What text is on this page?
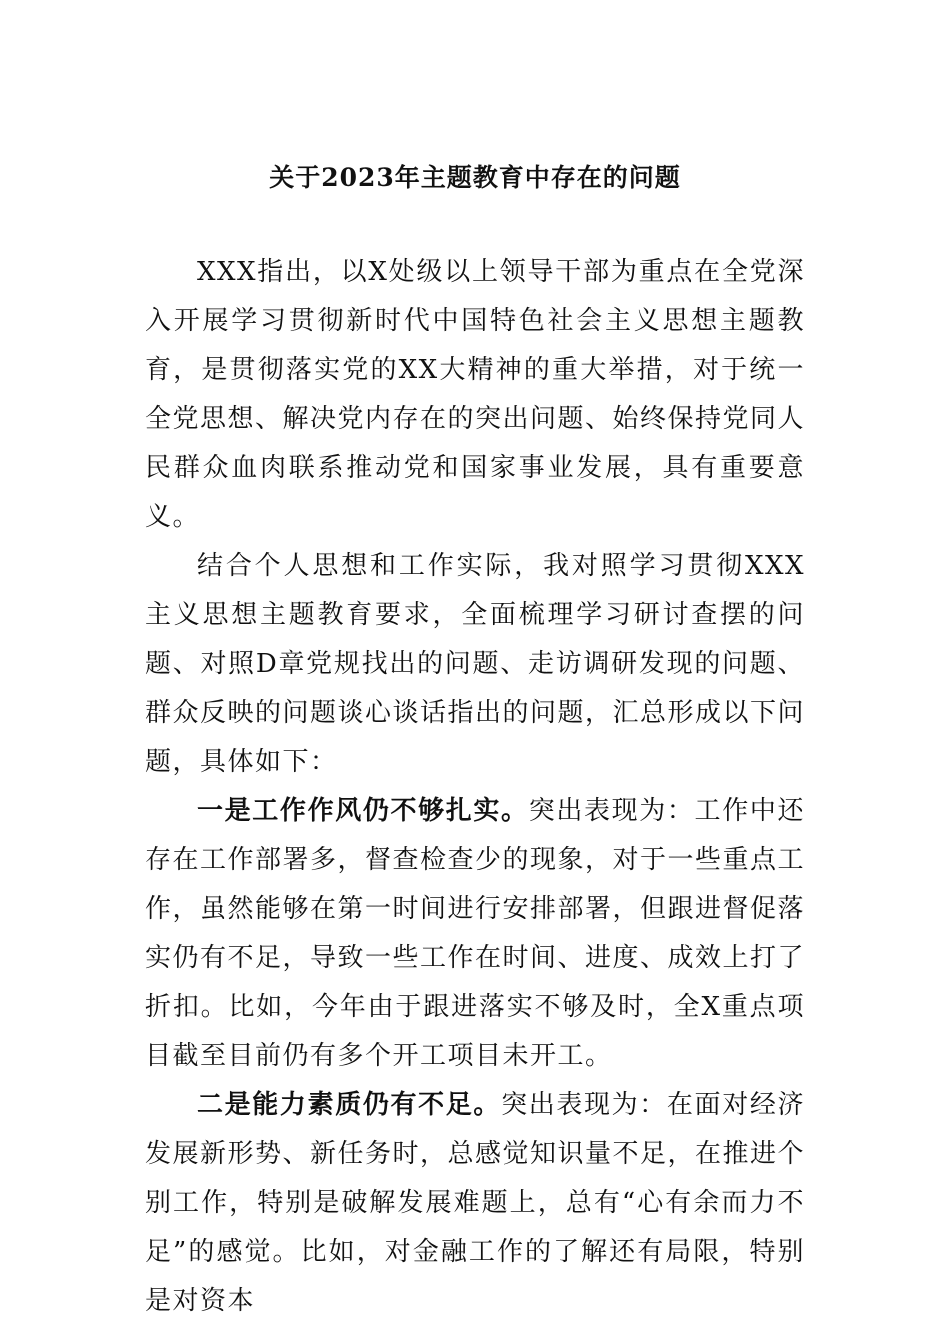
关于2023年主题教育中存在的问题

XXX指出，以X处级以上领导干部为重点在全党深入开展学习贯彻新时代中国特色社会主义思想主题教育，是贯彻落实党的XX大精神的重大举措，对于统一全党思想、解决党内存在的突出问题、始终保持党同人民群众血肉联系推动党和国家事业发展，具有重要意义。

结合个人思想和工作实际，我对照学习贯彻XXX主义思想主题教育要求，全面梳理学习研讨查摆的问题、对照D章党规找出的问题、走访调研发现的问题、群众反映的问题谈心谈话指出的问题，汇总形成以下问题，具体如下：

一是工作作风仍不够扎实。突出表现为：工作中还存在工作部署多，督查检查少的现象，对于一些重点工作，虽然能够在第一时间进行安排部署，但跟进督促落实仍有不足，导致一些工作在时间、进度、成效上打了折扣。比如，今年由于跟进落实不够及时，全X重点项目截至目前仍有多个开工项目未开工。

二是能力素质仍有不足。突出表现为：在面对经济发展新形势、新任务时，总感觉知识量不足，在推进个别工作，特别是破解发展难题上，总有“心有余而力不足”的感觉。比如，对金融工作的了解还有局限，特别是对资本
